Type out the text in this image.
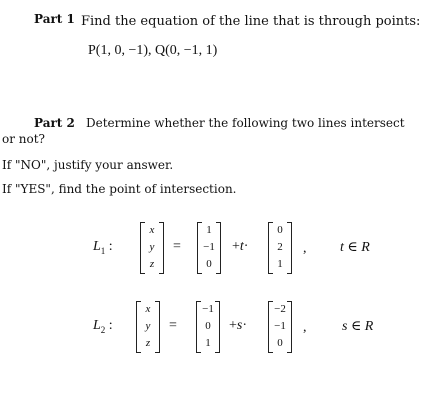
Part 1 Find the equation of the line that is through points:
P(1, 0, −1), Q(0, −1, 1)
Part 2 Determine whether the following two lines intersect
or not?
If "NO", justify your answer.
If "YES", find the point of intersection.
$L_1$ :
x
y
z
=
1
−1
0
+t·
0
2
1
, t ∈ R
$L_2$ :
x
y
z
=
−1
0
1
+s·
−2
−1
0
,	s ∈ R
